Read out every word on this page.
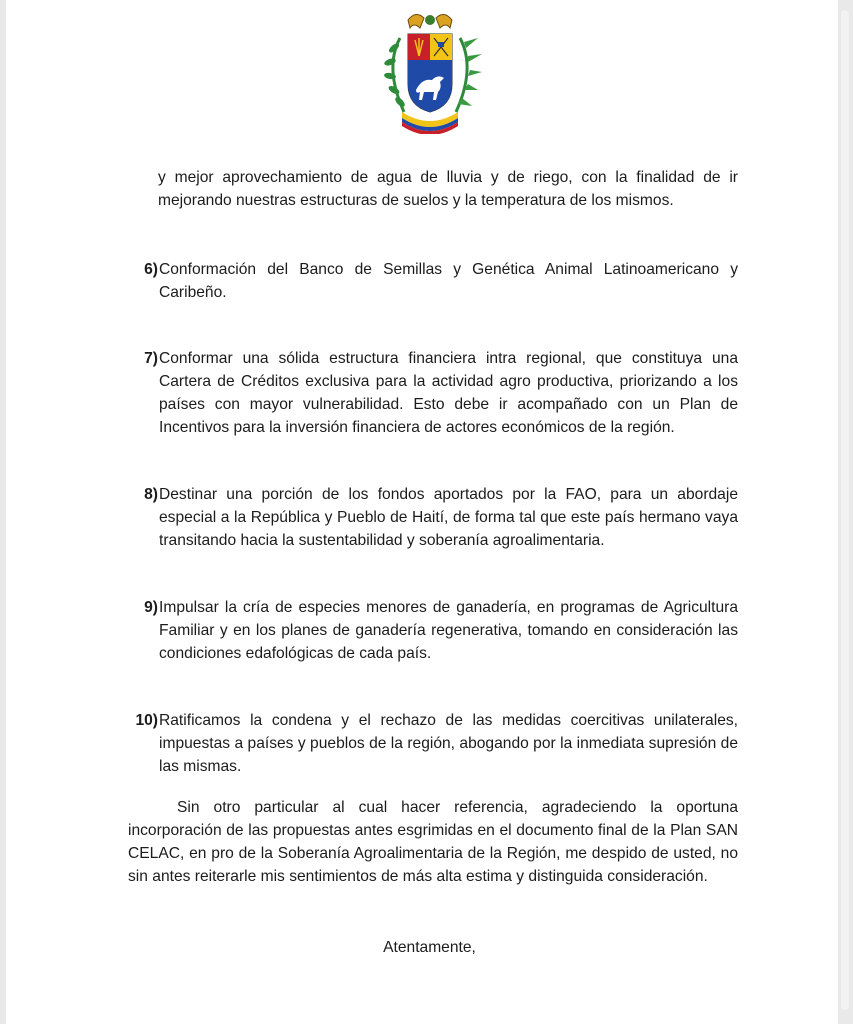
y mejor aprovechamiento de agua de lluvia y de riego, con la finalidad de ir mejorando nuestras estructuras de suelos y la temperatura de los mismos.

6) Conformación del Banco de Semillas y Genética Animal Latinoamericano y Caribeño.
7) Conformar una sólida estructura financiera intra regional, que constituya una Cartera de Créditos exclusiva para la actividad agro productiva, priorizando a los países con mayor vulnerabilidad. Esto debe ir acompañado con un Plan de Incentivos para la inversión financiera de actores económicos de la región.
8) Destinar una porción de los fondos aportados por la FAO, para un abordaje especial a la República y Pueblo de Haití, de forma tal que este país hermano vaya transitando hacia la sustentabilidad y soberanía agroalimentaria.
9) Impulsar la cría de especies menores de ganadería, en programas de Agricultura Familiar y en los planes de ganadería regenerativa, tomando en consideración las condiciones edafológicas de cada país.
10) Ratificamos la condena y el rechazo de las medidas coercitivas unilaterales, impuestas a países y pueblos de la región, abogando por la inmediata supresión de las mismas.

Sin otro particular al cual hacer referencia, agradeciendo la oportuna incorporación de las propuestas antes esgrimidas en el documento final de la Plan SAN CELAC, en pro de la Soberanía Agroalimentaria de la Región, me despido de usted, no sin antes reiterarle mis sentimientos de más alta estima y distinguida consideración.

Atentamente,
